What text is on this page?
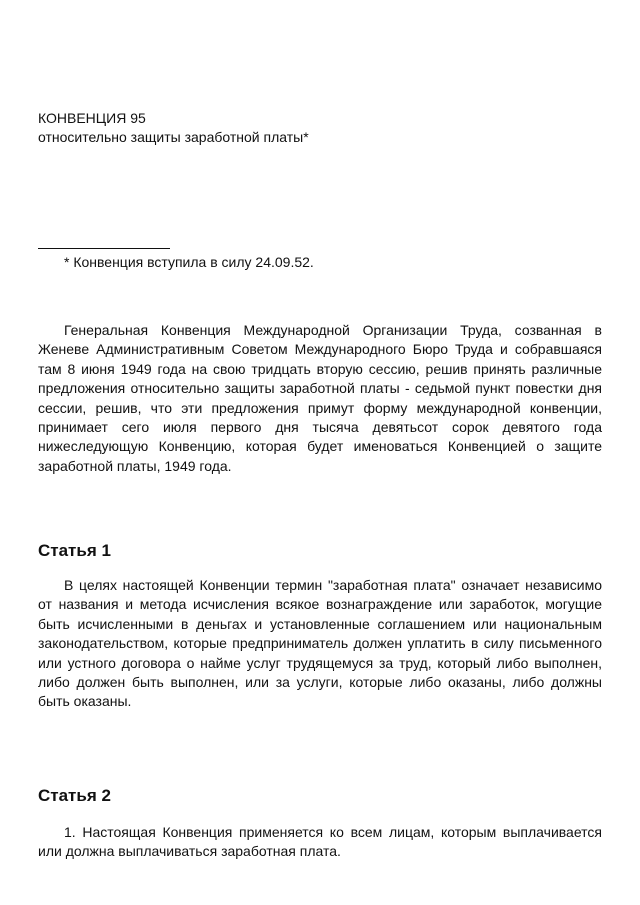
КОНВЕНЦИЯ 95
относительно защиты заработной платы*
* Конвенция вступила в силу 24.09.52.
Генеральная Конвенция Международной Организации Труда, созванная в Женеве Административным Советом Международного Бюро Труда и собравшаяся там 8 июня 1949 года на свою тридцать вторую сессию, решив принять различные предложения относительно защиты заработной платы - седьмой пункт повестки дня сессии, решив, что эти предложения примут форму международной конвенции, принимает сего июля первого дня тысяча девятьсот сорок девятого года нижеследующую Конвенцию, которая будет именоваться Конвенцией о защите заработной платы, 1949 года.
Статья 1
В целях настоящей Конвенции термин "заработная плата" означает независимо от названия и метода исчисления всякое вознаграждение или заработок, могущие быть исчисленными в деньгах и установленные соглашением или национальным законодательством, которые предприниматель должен уплатить в силу письменного или устного договора о найме услуг трудящемуся за труд, который либо выполнен, либо должен быть выполнен, или за услуги, которые либо оказаны, либо должны быть оказаны.
Статья 2
1. Настоящая Конвенция применяется ко всем лицам, которым выплачивается или должна выплачиваться заработная плата.
